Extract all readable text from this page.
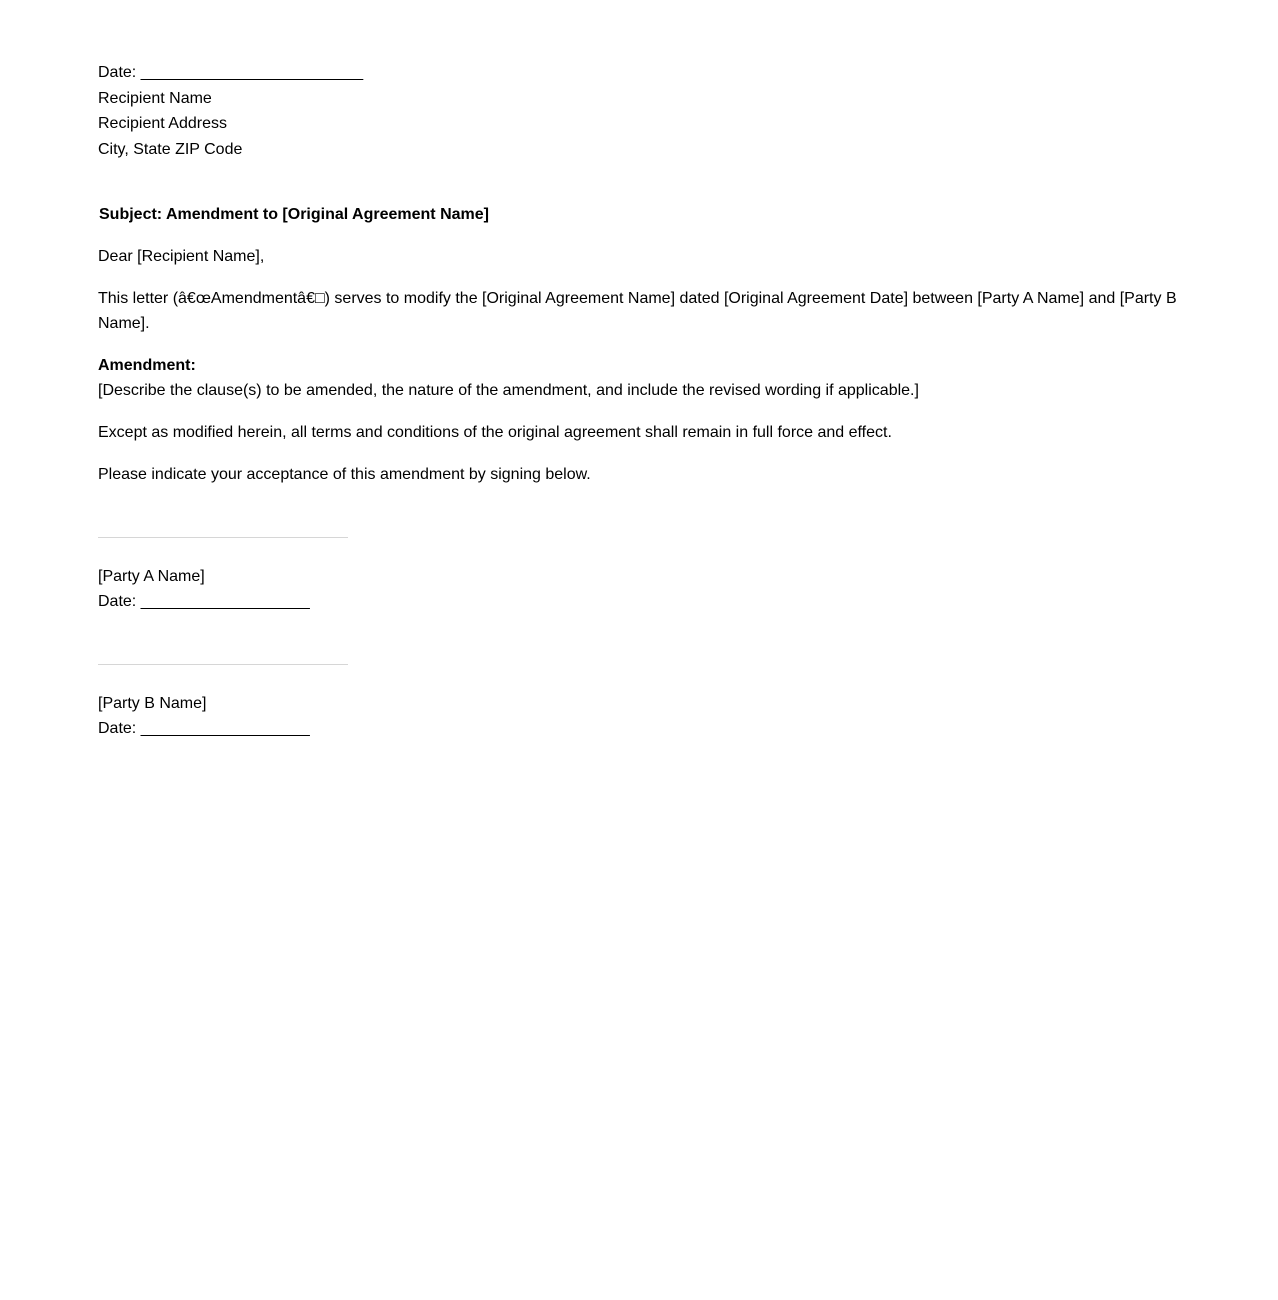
Date: _________________________

Recipient Name

Recipient Address

City, State ZIP Code

Subject: Amendment to [Original Agreement Name]

Dear [Recipient Name],

This letter (â€œAmendmentâ€□) serves to modify the [Original Agreement Name] dated [Original Agreement Date] between [Party A Name] and [Party B Name].

Amendment:

[Describe the clause(s) to be amended, the nature of the amendment, and include the revised wording if applicable.]

Except as modified herein, all terms and conditions of the original agreement shall remain in full force and effect.

Please indicate your acceptance of this amendment by signing below.

[Party A Name]

Date: ___________________

[Party B Name]

Date: ___________________
